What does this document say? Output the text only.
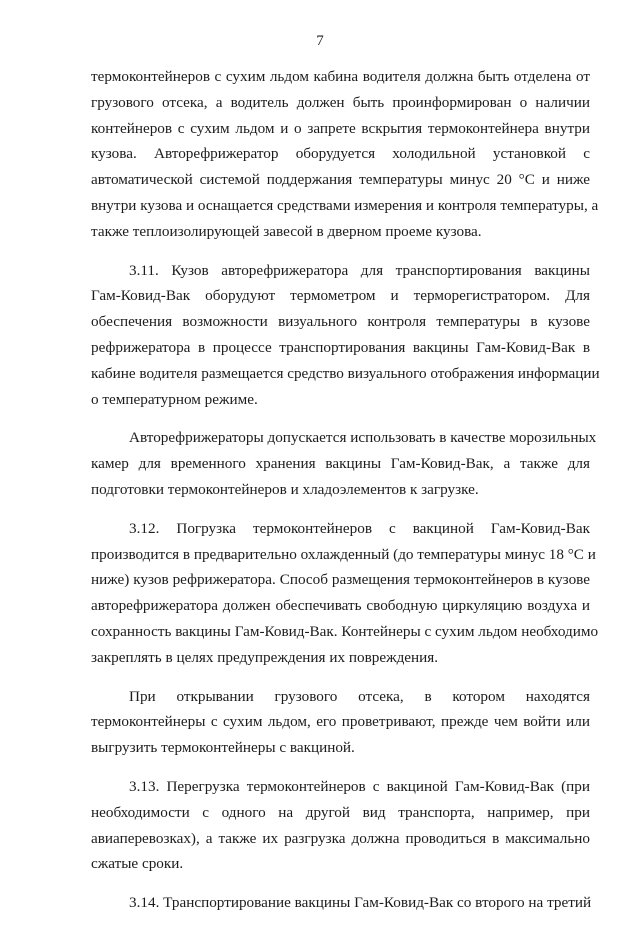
7
термоконтейнеров с сухим льдом кабина водителя должна быть отделена от
грузового отсека, а водитель должен быть проинформирован о наличии
контейнеров с сухим льдом и о запрете вскрытия термоконтейнера внутри
кузова. Авторефрижератор оборудуется холодильной установкой с
автоматической системой поддержания температуры минус 20 °С и ниже
внутри кузова и оснащается средствами измерения и контроля температуры, а
также теплоизолирующей завесой в дверном проеме кузова.
3.11. Кузов авторефрижератора для транспортирования вакцины
Гам-Ковид-Вак оборудуют термометром и терморегистратором. Для
обеспечения возможности визуального контроля температуры в кузове
рефрижератора в процессе транспортирования вакцины Гам-Ковид-Вак в
кабине водителя размещается средство визуального отображения информации
о температурном режиме.
Авторефрижераторы допускается использовать в качестве морозильных
камер для временного хранения вакцины Гам-Ковид-Вак, а также для
подготовки термоконтейнеров и хладоэлементов к загрузке.
3.12. Погрузка термоконтейнеров с вакциной Гам-Ковид-Вак
производится в предварительно охлажденный (до температуры минус 18 °С и
ниже) кузов рефрижератора. Способ размещения термоконтейнеров в кузове
авторефрижератора должен обеспечивать свободную циркуляцию воздуха и
сохранность вакцины Гам-Ковид-Вак. Контейнеры с сухим льдом необходимо
закреплять в целях предупреждения их повреждения.
При открывании грузового отсека, в котором находятся
термоконтейнеры с сухим льдом, его проветривают, прежде чем войти или
выгрузить термоконтейнеры с вакциной.
3.13. Перегрузка термоконтейнеров с вакциной Гам-Ковид-Вак (при
необходимости с одного на другой вид транспорта, например, при
авиаперевозках), а также их разгрузка должна проводиться в максимально
сжатые сроки.
3.14. Транспортирование вакцины Гам-Ковид-Вак со второго на третий
